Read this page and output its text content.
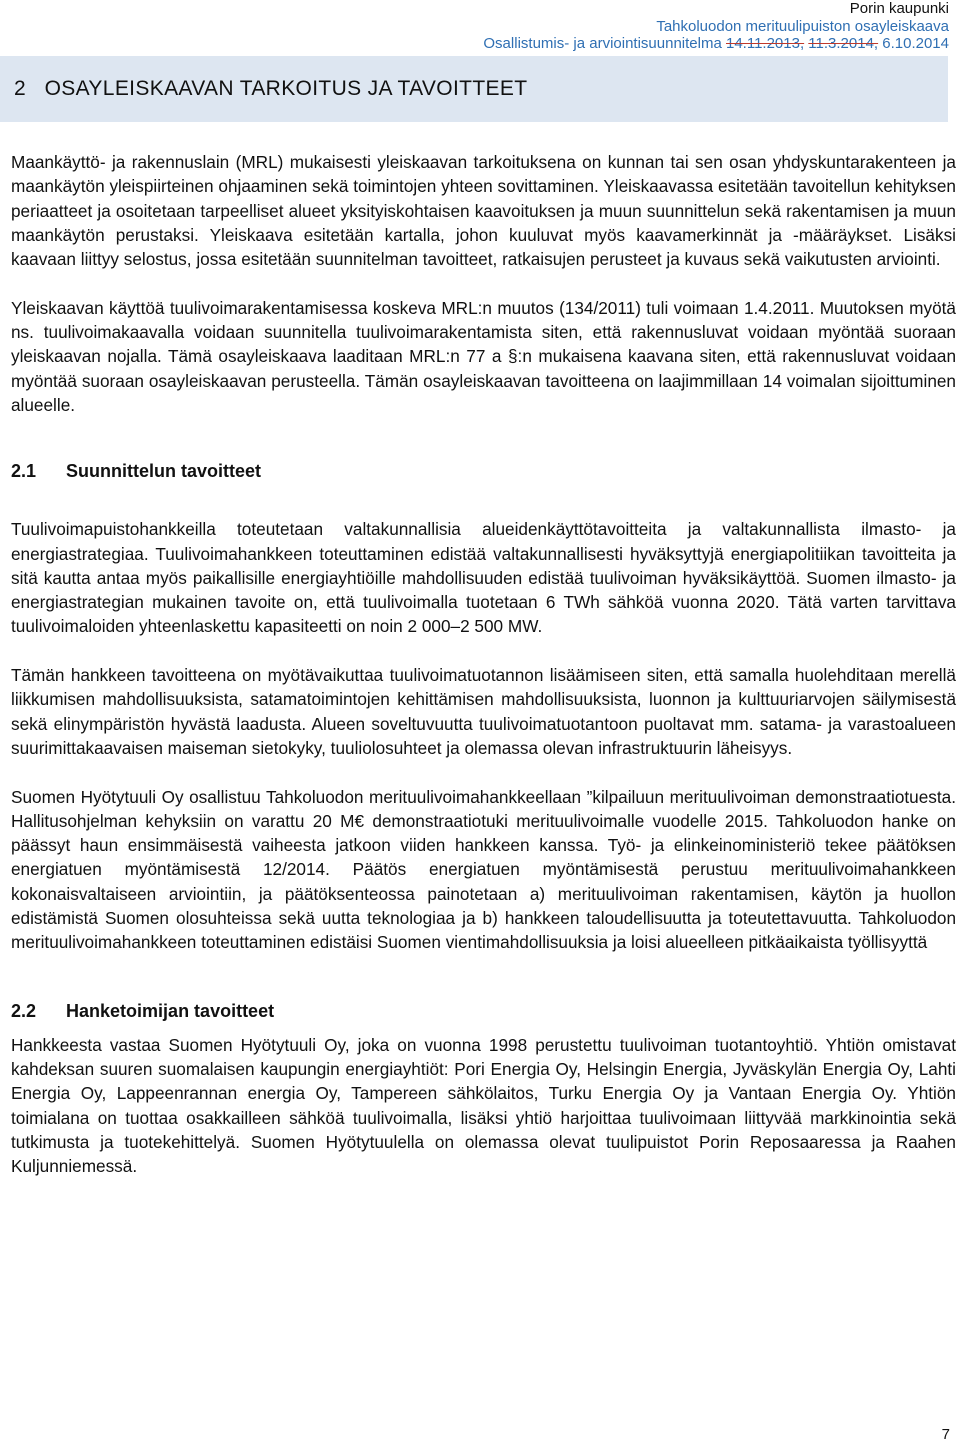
Porin kaupunki
Tahkoluodon merituulipuiston osayleiskaava
Osallistumis- ja arviointisuunnitelma 14.11.2013, 11.3.2014, 6.10.2014
2 OSAYLEISKAAVAN TARKOITUS JA TAVOITTEET

Maankäyttö- ja rakennuslain (MRL) mukaisesti yleiskaavan tarkoituksena on kunnan tai sen osan yhdyskuntarakenteen ja maankäytön yleispiirteinen ohjaaminen sekä toimintojen yhteen sovittaminen. Yleiskaavassa esitetään tavoitellun kehityksen periaatteet ja osoitetaan tarpeelliset alueet yksityiskohtaisen kaavoituksen ja muun suunnittelun sekä rakentamisen ja muun maankäytön perustaksi. Yleiskaava esitetään kartalla, johon kuuluvat myös kaavamerkinnät ja -määräykset. Lisäksi kaavaan liittyy selostus, jossa esitetään suunnitelman tavoitteet, ratkaisujen perusteet ja kuvaus sekä vaikutusten arviointi.

Yleiskaavan käyttöä tuulivoimarakentamisessa koskeva MRL:n muutos (134/2011) tuli voimaan 1.4.2011. Muutoksen myötä ns. tuulivoimakaavalla voidaan suunnitella tuulivoimarakentamista siten, että rakennusluvat voidaan myöntää suoraan yleiskaavan nojalla. Tämä osayleiskaava laaditaan MRL:n 77 a §:n mukaisena kaavana siten, että rakennusluvat voidaan myöntää suoraan osayleiskaavan perusteella. Tämän osayleiskaavan tavoitteena on laajimmillaan 14 voimalan sijoittuminen alueelle.

2.1 Suunnittelun tavoitteet

Tuulivoimapuistohankkeilla toteutetaan valtakunnallisia alueidenkäyttötavoitteita ja valtakunnallista ilmasto- ja energiastrategiaa. Tuulivoimahankkeen toteuttaminen edistää valtakunnallisesti hyväksyttyjä energiapolitiikan tavoitteita ja sitä kautta antaa myös paikallisille energiayhtiöille mahdollisuuden edistää tuulivoiman hyväksikäyttöä. Suomen ilmasto- ja energiastrategian mukainen tavoite on, että tuulivoimalla tuotetaan 6 TWh sähköä vuonna 2020. Tätä varten tarvittava tuulivoimaloiden yhteenlaskettu kapasiteetti on noin 2 000–2 500 MW.

Tämän hankkeen tavoitteena on myötävaikuttaa tuulivoimatuotannon lisäämiseen siten, että samalla huolehditaan merellä liikkumisen mahdollisuuksista, satamatoimintojen kehittämisen mahdollisuuksista, luonnon ja kulttuuriarvojen säilymisestä sekä elinympäristön hyvästä laadusta. Alueen soveltuvuutta tuulivoimatuotantoon puoltavat mm. satama- ja varastoalueen suurimittakaavaisen maiseman sietokyky, tuuliolosuhteet ja olemassa olevan infrastruktuurin läheisyys.

Suomen Hyötytuuli Oy osallistuu Tahkoluodon merituulivoimahankkeellaan ”kilpailuun merituulivoiman demonstraatiotuesta. Hallitusohjelman kehyksiin on varattu 20 M€ demonstraatiotuki merituulivoimalle vuodelle 2015. Tahkoluodon hanke on päässyt haun ensimmäisestä vaiheesta jatkoon viiden hankkeen kanssa. Työ- ja elinkeinoministeriö tekee päätöksen energiatuen myöntämisestä 12/2014. Päätös energiatuen myöntämisestä perustuu merituulivoimahankkeen kokonaisvaltaiseen arviointiin, ja päätöksenteossa painotetaan a) merituulivoiman rakentamisen, käytön ja huollon edistämistä Suomen olosuhteissa sekä uutta teknologiaa ja b) hankkeen taloudellisuutta ja toteutettavuutta. Tahkoluodon merituulivoimahankkeen toteuttaminen edistäisi Suomen vientimahdollisuuksia ja loisi alueelleen pitkäaikaista työllisyyttä

2.2 Hanketoimijan tavoitteet

Hankkeesta vastaa Suomen Hyötytuuli Oy, joka on vuonna 1998 perustettu tuulivoiman tuotantoyhtiö. Yhtiön omistavat kahdeksan suuren suomalaisen kaupungin energiayhtiöt: Pori Energia Oy, Helsingin Energia, Jyväskylän Energia Oy, Lahti Energia Oy, Lappeenrannan energia Oy, Tampereen sähkölaitos, Turku Energia Oy ja Vantaan Energia Oy. Yhtiön toimialana on tuottaa osakkailleen sähköä tuulivoimalla, lisäksi yhtiö harjoittaa tuulivoimaan liittyvää markkinointia sekä tutkimusta ja tuotekehittelyä. Suomen Hyötytuulella on olemassa olevat tuulipuistot Porin Reposaaressa ja Raahen Kuljunniemessä.

7
